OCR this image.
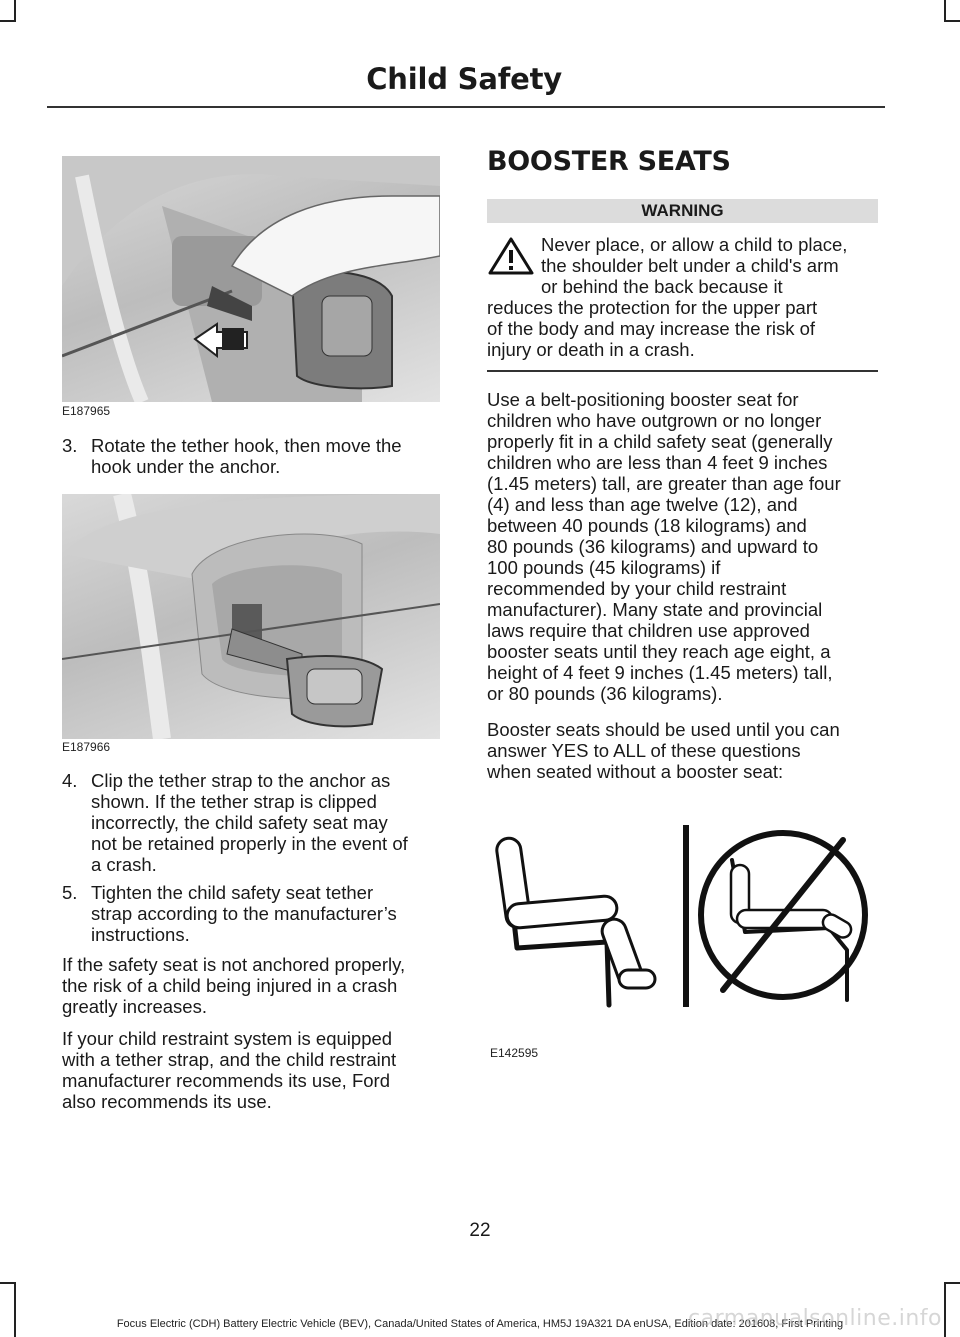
Child Safety
E187965
3. Rotate the tether hook, then move the
hook under the anchor.
E187966
4. Clip the tether strap to the anchor as
shown. If the tether strap is clipped
incorrectly, the child safety seat may
not be retained properly in the event of
a crash.
5. Tighten the child safety seat tether
strap according to the manufacturer’s
instructions.
If the safety seat is not anchored properly,
the risk of a child being injured in a crash
greatly increases.
If your child restraint system is equipped
with a tether strap, and the child restraint
manufacturer recommends its use, Ford
also recommends its use.
BOOSTER SEATS
WARNING
Never place, or allow a child to place,
the shoulder belt under a child's arm
or behind the back because it
reduces the protection for the upper part
of the body and may increase the risk of
injury or death in a crash.
Use a belt-positioning booster seat for
children who have outgrown or no longer
properly fit in a child safety seat (generally
children who are less than 4 feet 9 inches
(1.45 meters) tall, are greater than age four
(4) and less than age twelve (12), and
between 40 pounds (18 kilograms) and
80 pounds (36 kilograms) and upward to
100 pounds (45 kilograms) if
recommended by your child restraint
manufacturer). Many state and provincial
laws require that children use approved
booster seats until they reach age eight, a
height of 4 feet 9 inches (1.45 meters) tall,
or 80 pounds (36 kilograms).
Booster seats should be used until you can
answer YES to ALL of these questions
when seated without a booster seat:
E142595
22
Focus Electric (CDH) Battery Electric Vehicle (BEV), Canada/United States of America, HM5J 19A321 DA enUSA, Edition date: 201608, First Printing
carmanualsonline.info
